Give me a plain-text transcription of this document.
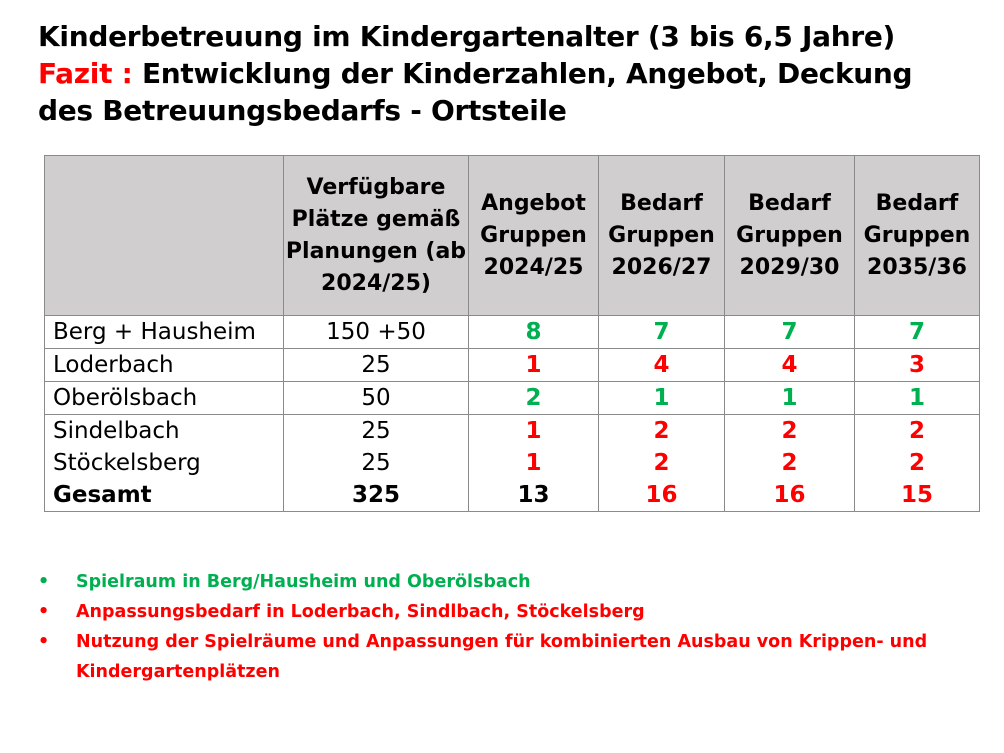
Kinderbetreuung im Kindergartenalter (3 bis 6,5 Jahre)
Fazit : Entwicklung der Kinderzahlen, Angebot, Deckung
des Betreuungsbedarfs - Ortsteile
	Verfügbare Plätze gemäß Planungen (ab 2024/25)	Angebot Gruppen 2024/25	Bedarf Gruppen 2026/27	Bedarf Gruppen 2029/30	Bedarf Gruppen 2035/36
Berg + Hausheim	150 +50	8	7	7	7
Loderbach	25	1	4	4	3
Oberölsbach	50	2	1	1	1
Sindelbach	25	1	2	2	2
Stöckelsberg	25	1	2	2	2
Gesamt	325	13	16	16	15
• Spielraum in Berg/Hausheim und Oberölsbach
• Anpassungsbedarf in Loderbach, Sindlbach, Stöckelsberg
• Nutzung der Spielräume und Anpassungen für kombinierten Ausbau von Krippen- und Kindergartenplätzen
